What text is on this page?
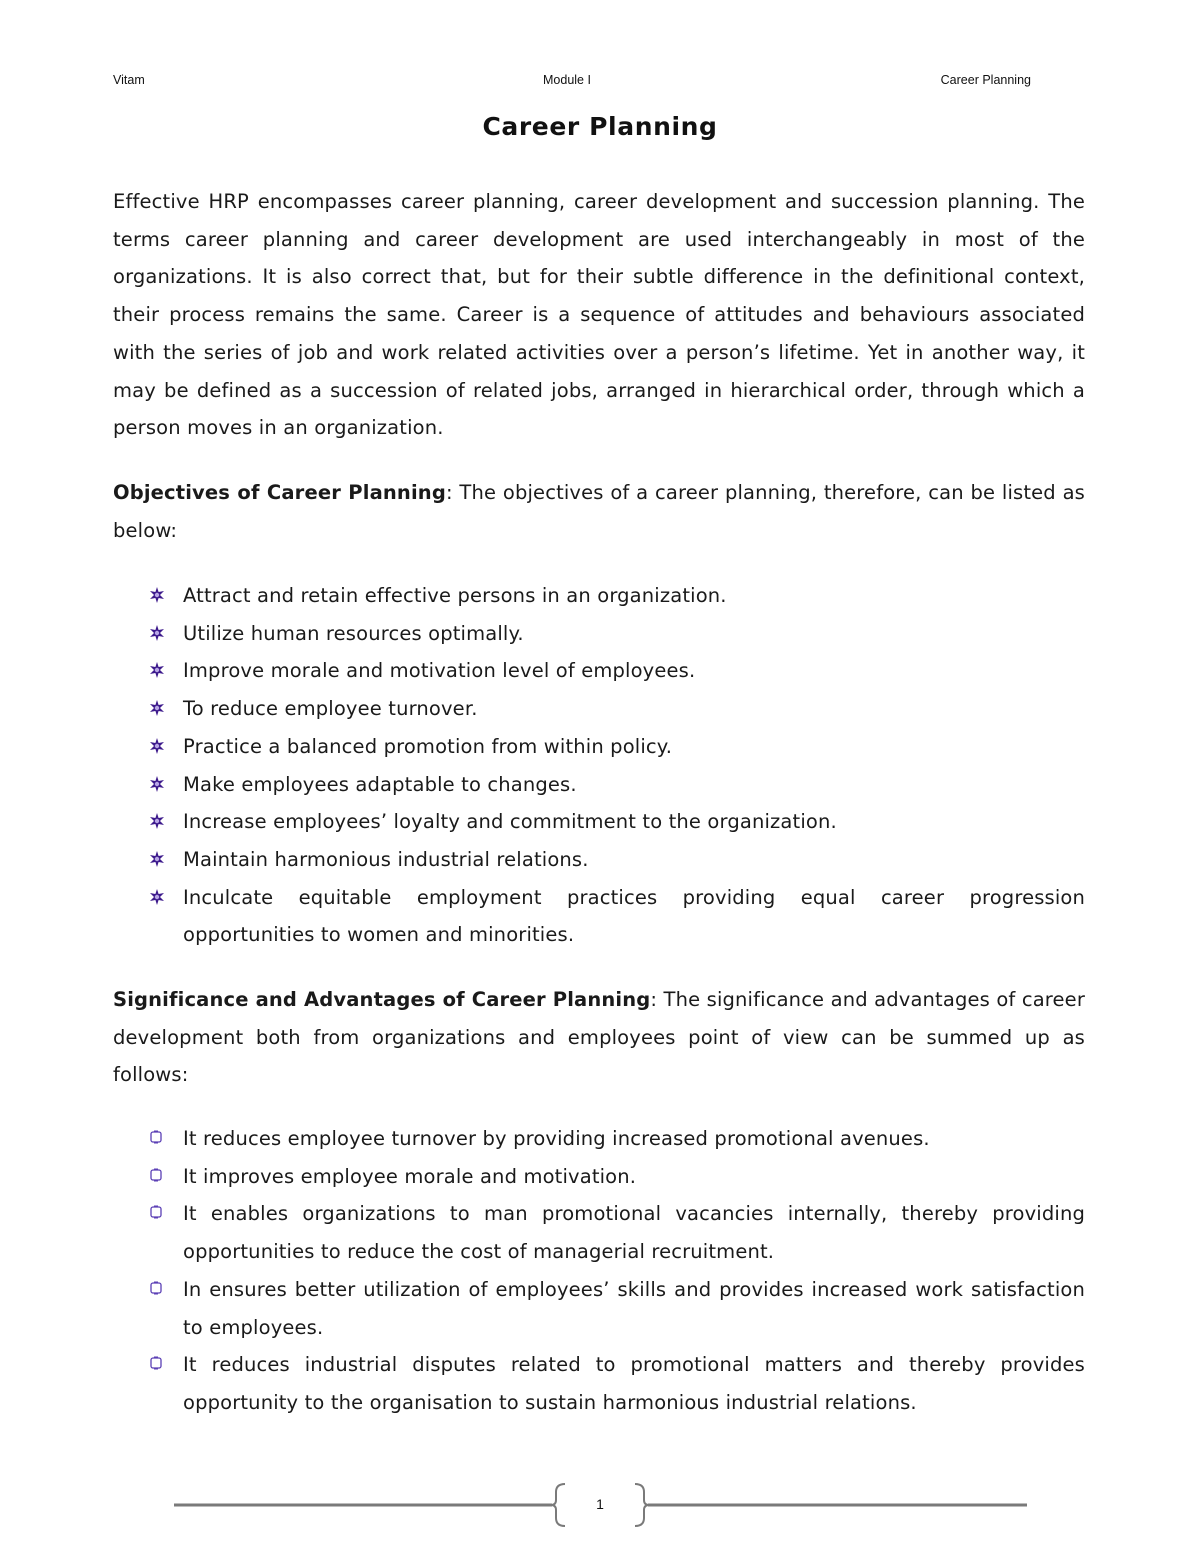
Vitam	Module I	Career Planning
Career Planning

Effective HRP encompasses career planning, career development and succession planning. The terms career planning and career development are used interchangeably in most of the organizations. It is also correct that, but for their subtle difference in the definitional context, their process remains the same. Career is a sequence of attitudes and behaviours associated with the series of job and work related activities over a person’s lifetime. Yet in another way, it may be defined as a succession of related jobs, arranged in hierarchical order, through which a person moves in an organization.

Objectives of Career Planning: The objectives of a career planning, therefore, can be listed as below:

Attract and retain effective persons in an organization.
Utilize human resources optimally.
Improve morale and motivation level of employees.
To reduce employee turnover.
Practice a balanced promotion from within policy.
Make employees adaptable to changes.
Increase employees’ loyalty and commitment to the organization.
Maintain harmonious industrial relations.
Inculcate equitable employment practices providing equal career progression opportunities to women and minorities.

Significance and Advantages of Career Planning: The significance and advantages of career development both from organizations and employees point of view can be summed up as follows:

It reduces employee turnover by providing increased promotional avenues.
It improves employee morale and motivation.
It enables organizations to man promotional vacancies internally, thereby providing opportunities to reduce the cost of managerial recruitment.
In ensures better utilization of employees’ skills and provides increased work satisfaction to employees.
It reduces industrial disputes related to promotional matters and thereby provides opportunity to the organisation to sustain harmonious industrial relations.
1
